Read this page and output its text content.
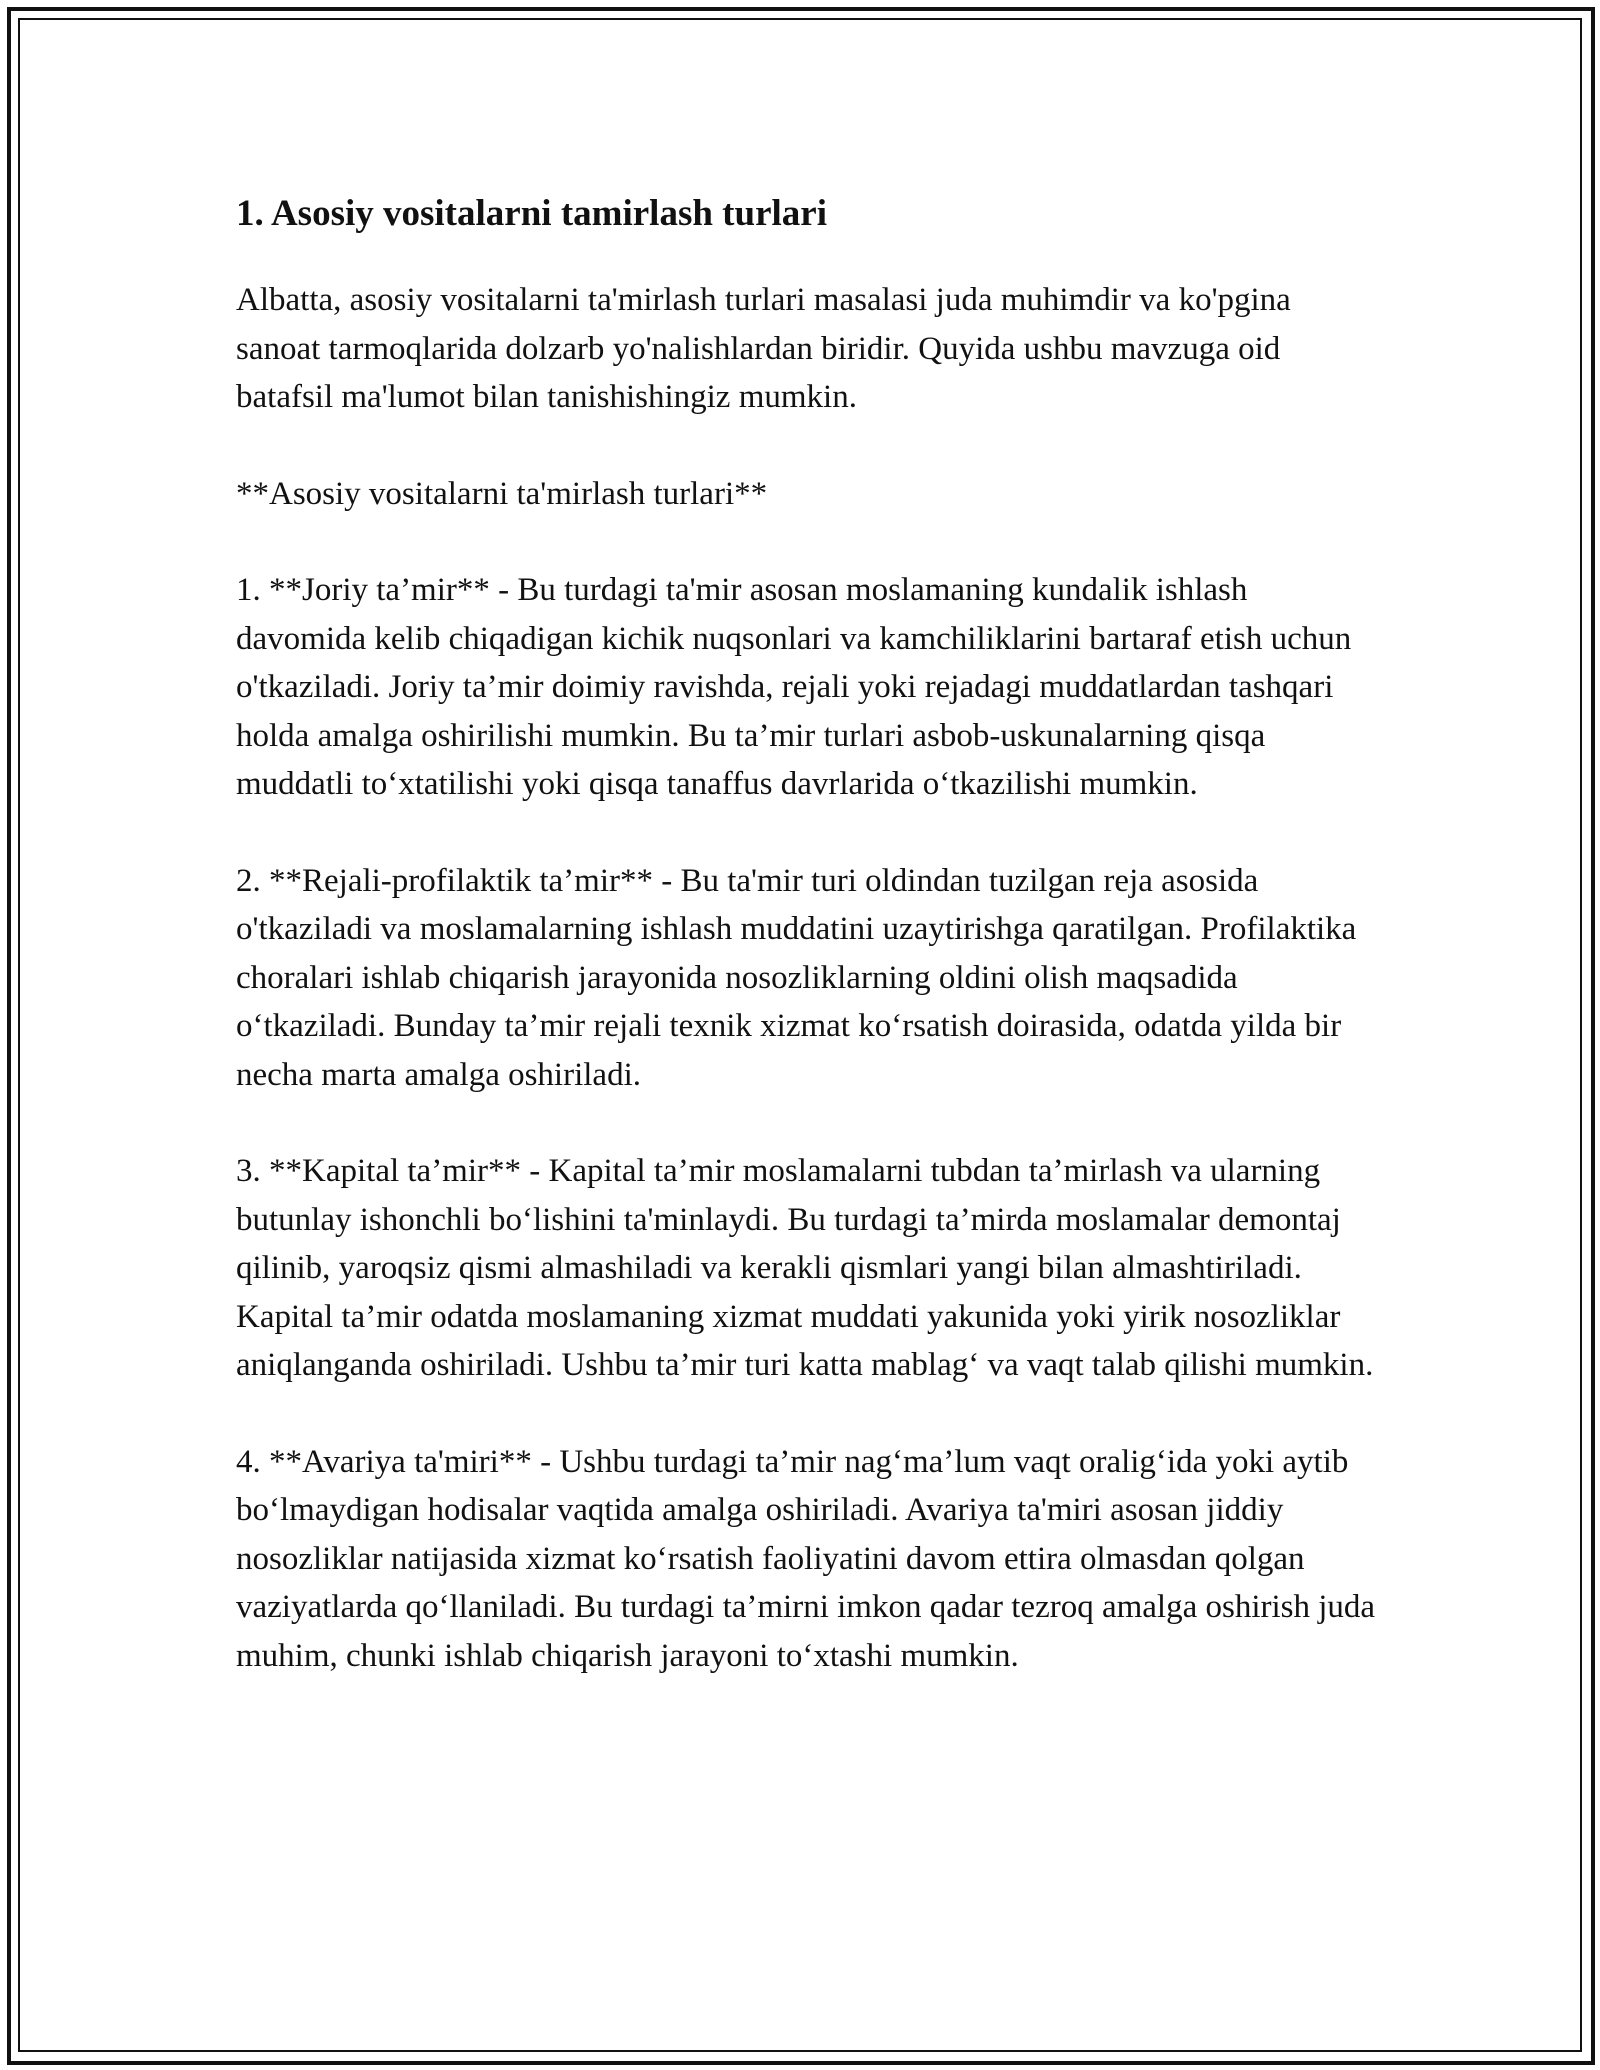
1. Asosiy vositalarni tamirlash turlari

Albatta, asosiy vositalarni ta'mirlash turlari masalasi juda muhimdir va ko'pgina sanoat tarmoqlarida dolzarb yo'nalishlardan biridir. Quyida ushbu mavzuga oid batafsil ma'lumot bilan tanishishingiz mumkin.

**Asosiy vositalarni ta'mirlash turlari**

1. **Joriy ta’mir** - Bu turdagi ta'mir asosan moslamaning kundalik ishlash davomida kelib chiqadigan kichik nuqsonlari va kamchiliklarini bartaraf etish uchun o'tkaziladi. Joriy ta’mir doimiy ravishda, rejali yoki rejadagi muddatlardan tashqari holda amalga oshirilishi mumkin. Bu ta’mir turlari asbob-uskunalarning qisqa muddatli to‘xtatilishi yoki qisqa tanaffus davrlarida o‘tkazilishi mumkin.

2. **Rejali-profilaktik ta’mir** - Bu ta'mir turi oldindan tuzilgan reja asosida o'tkaziladi va moslamalarning ishlash muddatini uzaytirishga qaratilgan. Profilaktika choralari ishlab chiqarish jarayonida nosozliklarning oldini olish maqsadida o‘tkaziladi. Bunday ta’mir rejali texnik xizmat ko‘rsatish doirasida, odatda yilda bir necha marta amalga oshiriladi.

3. **Kapital ta’mir** - Kapital ta’mir moslamalarni tubdan ta’mirlash va ularning butunlay ishonchli bo‘lishini ta'minlaydi. Bu turdagi ta’mirda moslamalar demontaj qilinib, yaroqsiz qismi almashiladi va kerakli qismlari yangi bilan almashtiriladi. Kapital ta’mir odatda moslamaning xizmat muddati yakunida yoki yirik nosozliklar aniqlanganda oshiriladi. Ushbu ta’mir turi katta mablag‘ va vaqt talab qilishi mumkin.

4. **Avariya ta'miri** - Ushbu turdagi ta’mir nag‘ma’lum vaqt oralig‘ida yoki aytib bo‘lmaydigan hodisalar vaqtida amalga oshiriladi. Avariya ta'miri asosan jiddiy nosozliklar natijasida xizmat ko‘rsatish faoliyatini davom ettira olmasdan qolgan vaziyatlarda qo‘llaniladi. Bu turdagi ta’mirni imkon qadar tezroq amalga oshirish juda muhim, chunki ishlab chiqarish jarayoni to‘xtashi mumkin.
